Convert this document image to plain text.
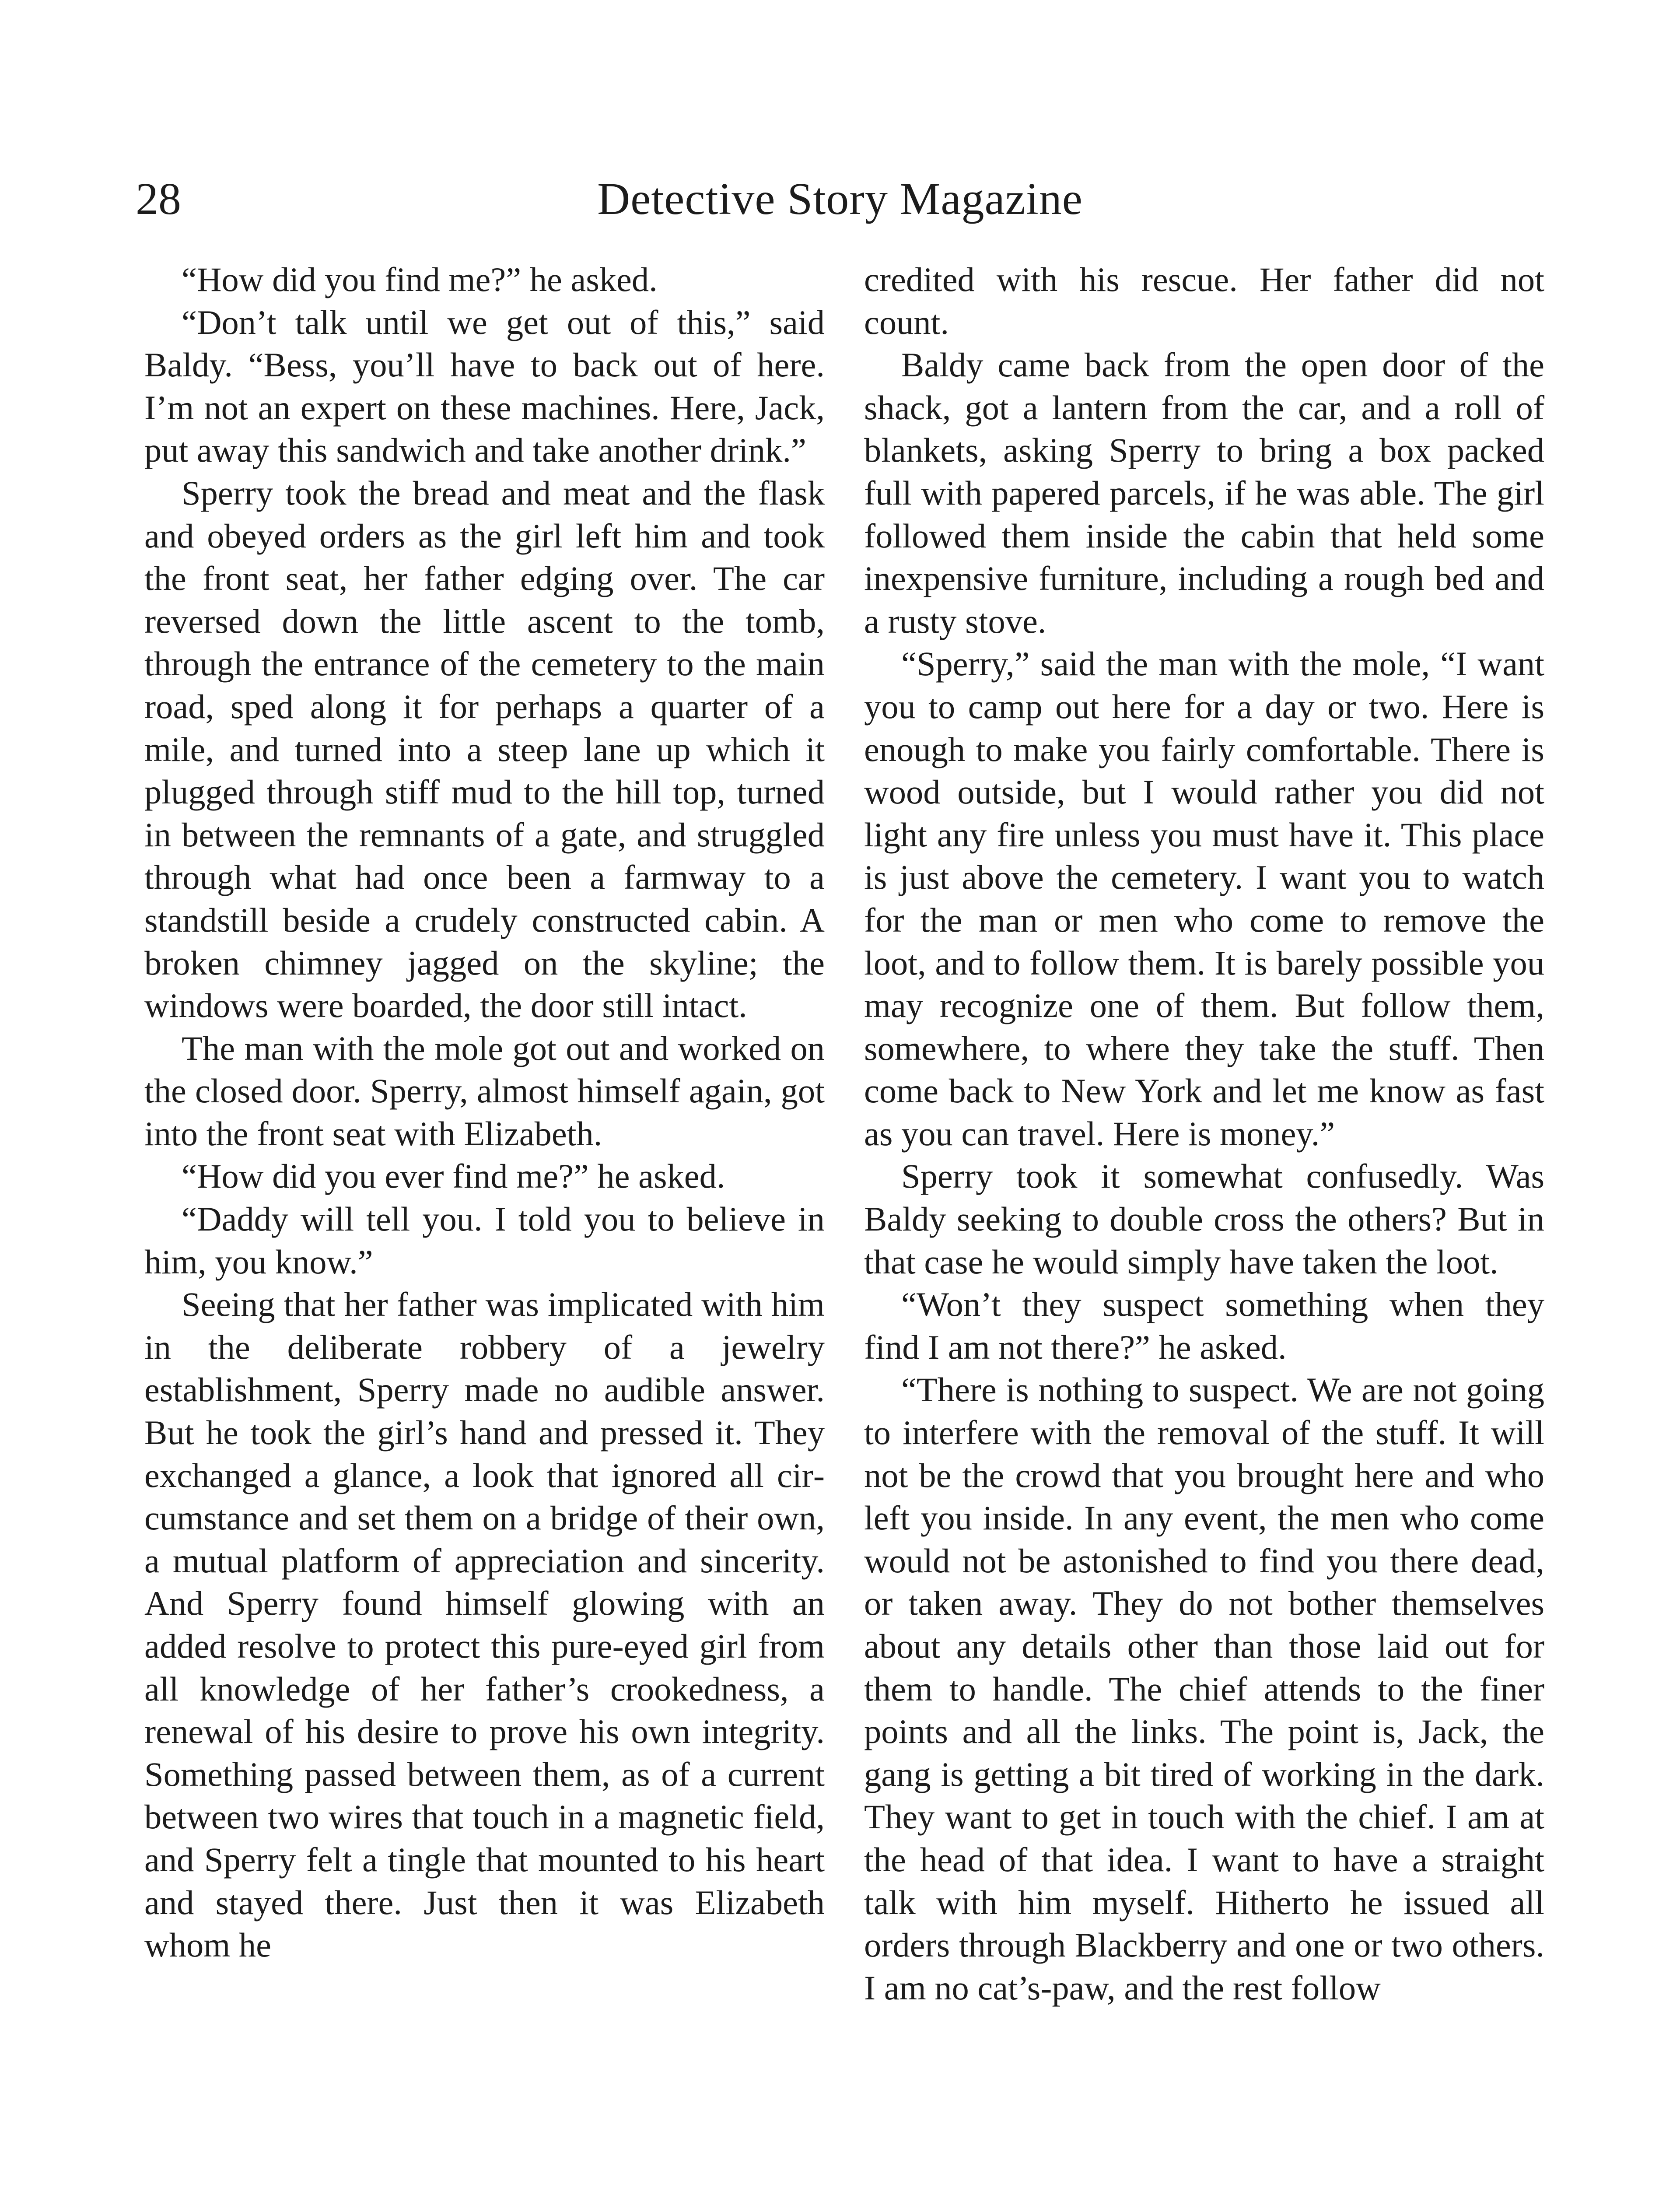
28	Detective Story Magazine

“How did you find me?” he asked.

“Don’t talk until we get out of this,” said Baldy. “Bess, you’ll have to back out of here. I’m not an expert on these machines. Here, Jack, put away this sandwich and take another drink.”

Sperry took the bread and meat and the flask and obeyed orders as the girl left him and took the front seat, her father edging over. The car reversed down the little ascent to the tomb, through the entrance of the cemetery to the main road, sped along it for perhaps a quarter of a mile, and turned into a steep lane up which it plugged through stiff mud to the hill top, turned in between the remnants of a gate, and struggled through what had once been a farmway to a standstill beside a crudely constructed cabin. A broken chimney jagged on the skyline; the windows were boarded, the door still intact.

The man with the mole got out and worked on the closed door. Sperry, almost himself again, got into the front seat with Elizabeth.

“How did you ever find me?” he asked.

“Daddy will tell you. I told you to believe in him, you know.”

Seeing that her father was implicated with him in the deliberate robbery of a jewelry establishment, Sperry made no audible answer. But he took the girl’s hand and pressed it. They exchanged a glance, a look that ignored all circumstance and set them on a bridge of their own, a mutual platform of appreciation and sincerity. And Sperry found himself glowing with an added resolve to protect this pure-eyed girl from all knowledge of her father’s crookedness, a renewal of his desire to prove his own integrity. Something passed between them, as of a current between two wires that touch in a magnetic field, and Sperry felt a tingle that mounted to his heart and stayed there. Just then it was Elizabeth whom he

credited with his rescue. Her father did not count.

Baldy came back from the open door of the shack, got a lantern from the car, and a roll of blankets, asking Sperry to bring a box packed full with papered parcels, if he was able. The girl followed them inside the cabin that held some inexpensive furniture, including a rough bed and a rusty stove.

“Sperry,” said the man with the mole, “I want you to camp out here for a day or two. Here is enough to make you fairly comfortable. There is wood outside, but I would rather you did not light any fire unless you must have it. This place is just above the cemetery. I want you to watch for the man or men who come to remove the loot, and to follow them. It is barely possible you may recognize one of them. But follow them, somewhere, to where they take the stuff. Then come back to New York and let me know as fast as you can travel. Here is money.”

Sperry took it somewhat confusedly. Was Baldy seeking to double cross the others? But in that case he would simply have taken the loot.

“Won’t they suspect something when they find I am not there?” he asked.

“There is nothing to suspect. We are not going to interfere with the removal of the stuff. It will not be the crowd that you brought here and who left you inside. In any event, the men who come would not be astonished to find you there dead, or taken away. They do not bother themselves about any details other than those laid out for them to handle. The chief attends to the finer points and all the links. The point is, Jack, the gang is getting a bit tired of working in the dark. They want to get in touch with the chief. I am at the head of that idea. I want to have a straight talk with him myself. Hitherto he issued all orders through Blackberry and one or two others. I am no cat’s-paw, and the rest follow
